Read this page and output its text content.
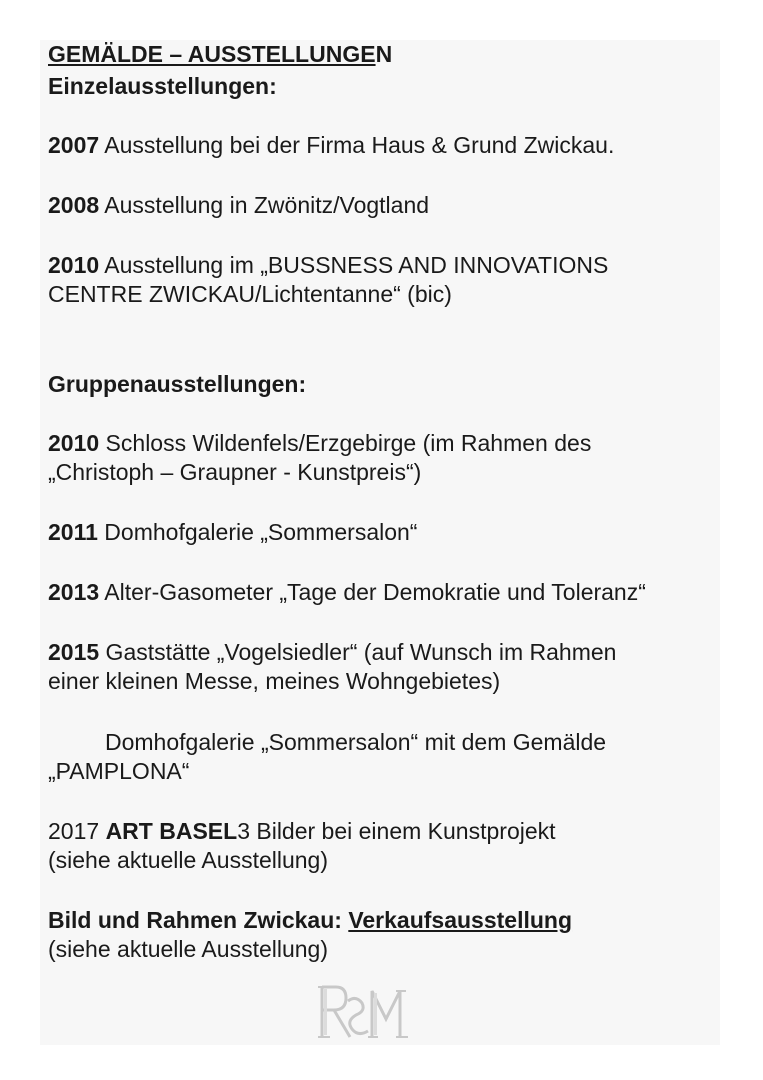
GEMÄLDE – AUSSTELLUNGEN
Einzelausstellungen:
2007 Ausstellung bei der Firma Haus & Grund Zwickau.
2008 Ausstellung in Zwönitz/Vogtland
2010 Ausstellung im „BUSSNESS AND INNOVATIONS
CENTRE ZWICKAU/Lichtentanne“ (bic)
Gruppenausstellungen:
2010 Schloss Wildenfels/Erzgebirge (im Rahmen des
„Christoph – Graupner - Kunstpreis“)
2011 Domhofgalerie „Sommersalon“
2013 Alter-Gasometer „Tage der Demokratie und Toleranz“
2015 Gaststätte „Vogelsiedler“ (auf Wunsch im Rahmen
einer kleinen Messe, meines Wohngebietes)
Domhofgalerie „Sommersalon“ mit dem Gemälde
„PAMPLONA“
2017 ART BASEL3 Bilder bei einem Kunstprojekt
(siehe aktuelle Ausstellung)
Bild und Rahmen Zwickau: Verkaufsausstellung
(siehe aktuelle Ausstellung)
